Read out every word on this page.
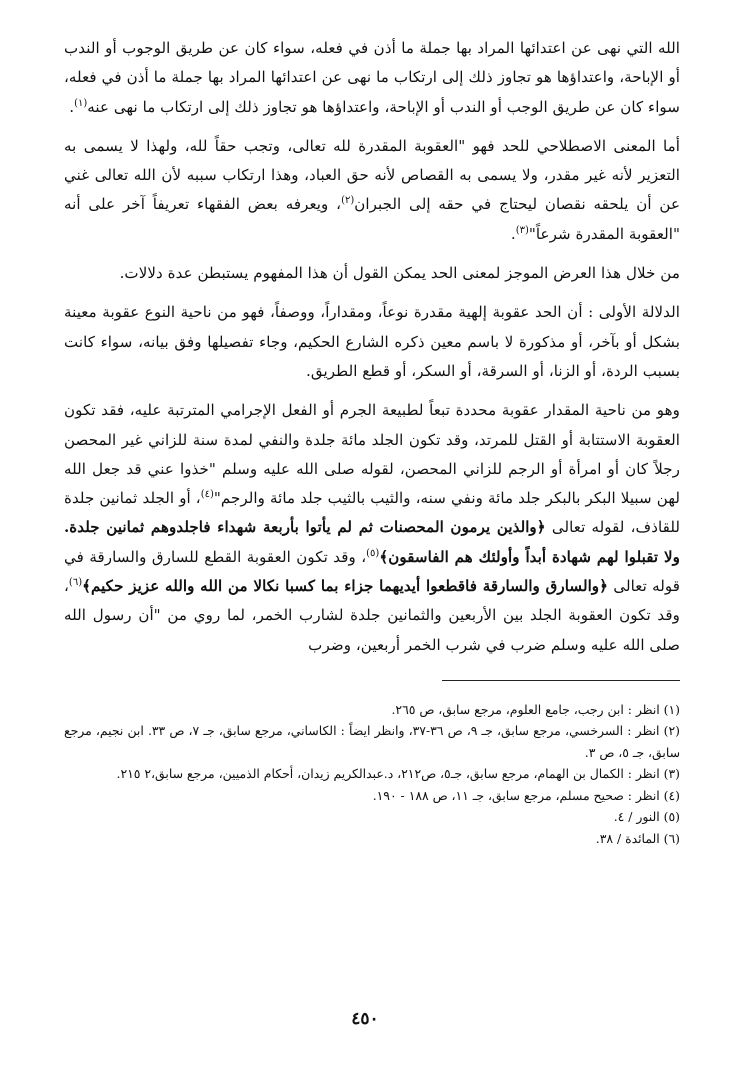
الله التي نهى عن اعتدائها المراد بها جملة ما أذن في فعله، سواء كان عن طريق الوجوب أو الندب أو الإباحة، واعتداؤها هو تجاوز ذلك إلى ارتكاب ما نهى عن اعتدائها المراد بها جملة ما أذن في فعله، سواء كان عن طريق الوجب أو الندب أو الإباحة، واعتداؤها هو تجاوز ذلك إلى ارتكاب ما نهى عنه$^{(١)}$.

أما المعنى الاصطلاحي للحد فهو "العقوبة المقدرة لله تعالى، وتجب حقاً لله، ولهذا لا يسمى به التعزير لأنه غير مقدر، ولا يسمى به القصاص لأنه حق العباد، وهذا ارتكاب سببه لأن الله تعالى غني عن أن يلحقه نقصان ليحتاج في حقه إلى الجبران$^{(٢)}$، ويعرفه بعض الفقهاء تعريفاً آخر على أنه "العقوبة المقدرة شرعاً"$^{(٣)}$.

من خلال هذا العرض الموجز لمعنى الحد يمكن القول أن هذا المفهوم يستبطن عدة دلالات.

الدلالة الأولى : أن الحد عقوبة إلهية مقدرة نوعاً، ومقداراً، ووصفاً، فهو من ناحية النوع عقوبة معينة بشكل أو بآخر، أو مذكورة لا باسم معين ذكره الشارع الحكيم، وجاء تفصيلها وفق بيانه، سواء كانت بسبب الردة، أو الزنا، أو السرقة، أو السكر، أو قطع الطريق.

وهو من ناحية المقدار عقوبة محددة تبعاً لطبيعة الجرم أو الفعل الإجرامي المترتبة عليه، فقد تكون العقوبة الاستتابة أو القتل للمرتد، وقد تكون الجلد مائة جلدة والنفي لمدة سنة للزاني غير المحصن رجلاً كان أو امرأة أو الرجم للزاني المحصن، لقوله صلى الله عليه وسلم "خذوا عني قد جعل الله لهن سبيلا البكر بالبكر جلد مائة ونفي سنه، والثيب بالثيب جلد مائة والرجم"$^{(٤)}$، أو الجلد ثمانين جلدة للقاذف، لقوله تعالى ﴿والذين يرمون المحصنات ثم لم يأتوا بأربعة شهداء فاجلدوهم ثمانين جلدة. ولا تقبلوا لهم شهادة أبداً وأولئك هم الفاسقون﴾$^{(٥)}$، وقد تكون العقوبة القطع للسارق والسارقة في قوله تعالى ﴿والسارق والسارقة فاقطعوا أيديهما جزاء بما كسبا نكالا من الله والله عزيز حكيم﴾$^{(٦)}$، وقد تكون العقوبة الجلد بين الأربعين والثمانين جلدة لشارب الخمر، لما روي من "أن رسول الله صلى الله عليه وسلم ضرب في شرب الخمر أربعين، وضرب

(١) انظر : ابن رجب، جامع العلوم، مرجع سابق، ص ٢٦٥.

(٢) انظر : السرخسي، مرجع سابق، جـ ٩، ص ٣٦-٣٧، وانظر ايضاً : الكاساني، مرجع سابق، جـ ٧، ص ٣٣. ابن نجيم، مرجع سابق، جـ ٥، ص ٣.

(٣) انظر : الكمال بن الهمام، مرجع سابق، جـ٥، ص٢١٢، د.عبدالكريم زيدان، أحكام الذميين، مرجع سابق،٢ ٢١٥.

(٤) انظر : صحيح مسلم، مرجع سابق، جـ ١١، ص ١٨٨ - ١٩٠.

(٥) النور / ٤.

(٦) المائدة / ٣٨.

٤٥٠
